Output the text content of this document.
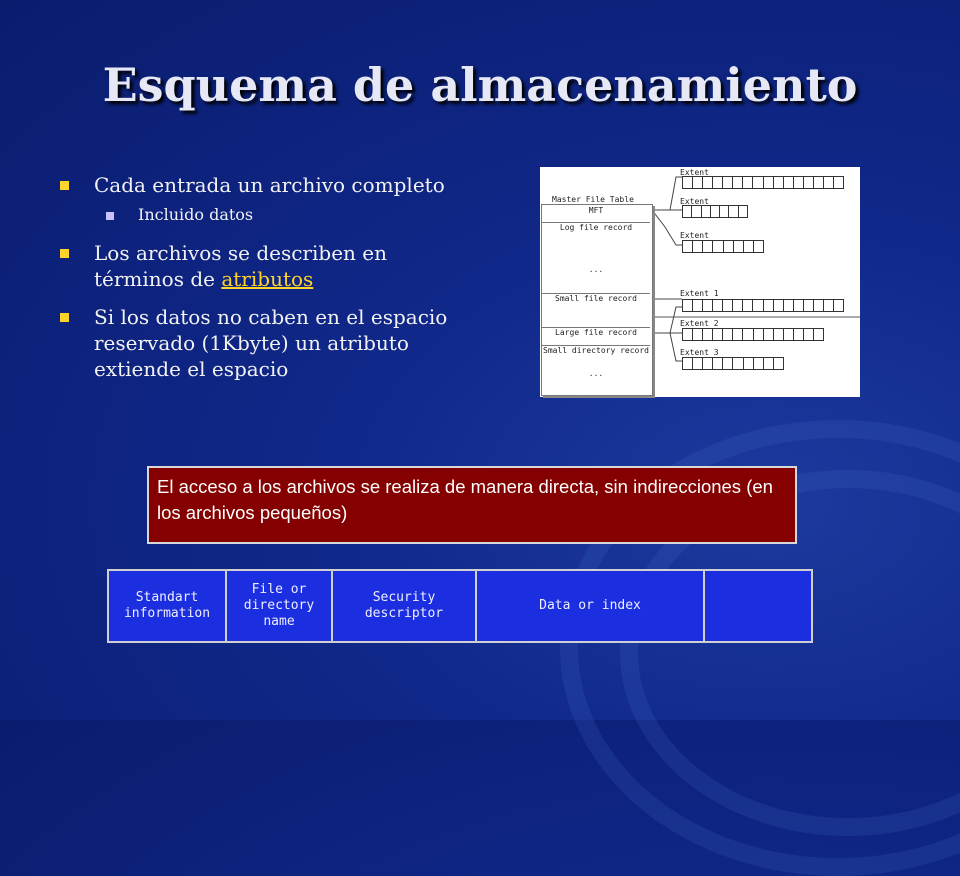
Esquema de almacenamiento
Cada entrada un archivo completo
Incluido datos
Los archivos se describen en términos de atributos
Si los datos no caben en el espacio reservado (1Kbyte) un atributo extiende el espacio
Master File Table
MFT
Log file record
...
Small file record
Large file record
Small directory record
...
Extent
Extent
Extent
Extent 1
Extent 2
Extent 3
El acceso a los archivos se realiza de manera directa, sin indirecciones (en los archivos pequeños)
Standart information
File or directory name
Security descriptor
Data or index
